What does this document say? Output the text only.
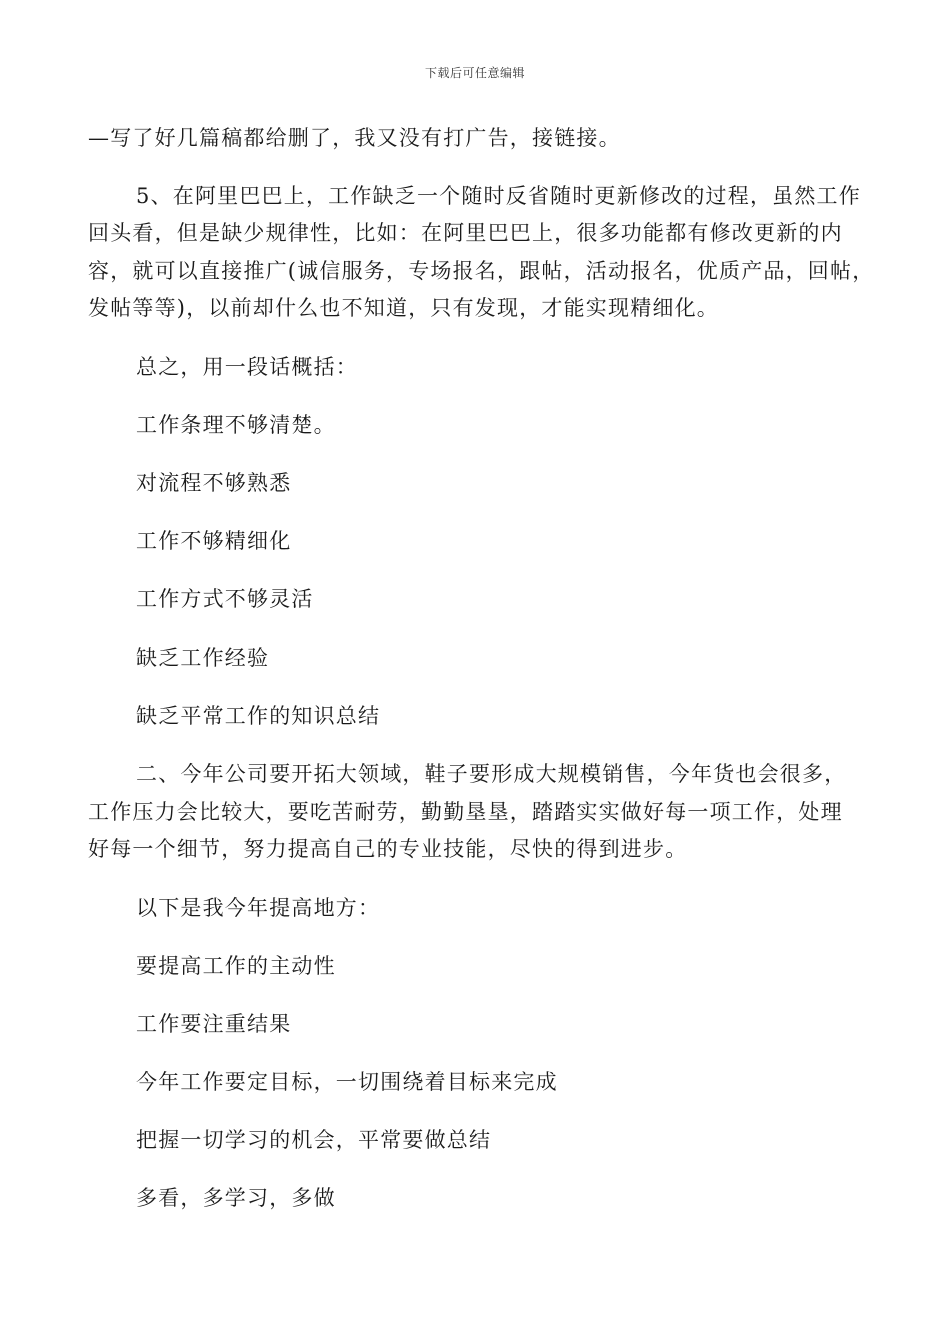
下载后可任意编辑
—写了好几篇稿都给删了，我又没有打广告，接链接。
5、在阿里巴巴上，工作缺乏一个随时反省随时更新修改的过程，虽然工作
回头看，但是缺少规律性，比如：在阿里巴巴上，很多功能都有修改更新的内
容，就可以直接推广(诚信服务，专场报名，跟帖，活动报名，优质产品，回帖，
发帖等等)，以前却什么也不知道，只有发现，才能实现精细化。
总之，用一段话概括：
工作条理不够清楚。
对流程不够熟悉
工作不够精细化
工作方式不够灵活
缺乏工作经验
缺乏平常工作的知识总结
二、今年公司要开拓大领域，鞋子要形成大规模销售，今年货也会很多，
工作压力会比较大，要吃苦耐劳，勤勤垦垦，踏踏实实做好每一项工作，处理
好每一个细节，努力提高自己的专业技能，尽快的得到进步。
以下是我今年提高地方：
要提高工作的主动性
工作要注重结果
今年工作要定目标，一切围绕着目标来完成
把握一切学习的机会，平常要做总结
多看，多学习，多做
